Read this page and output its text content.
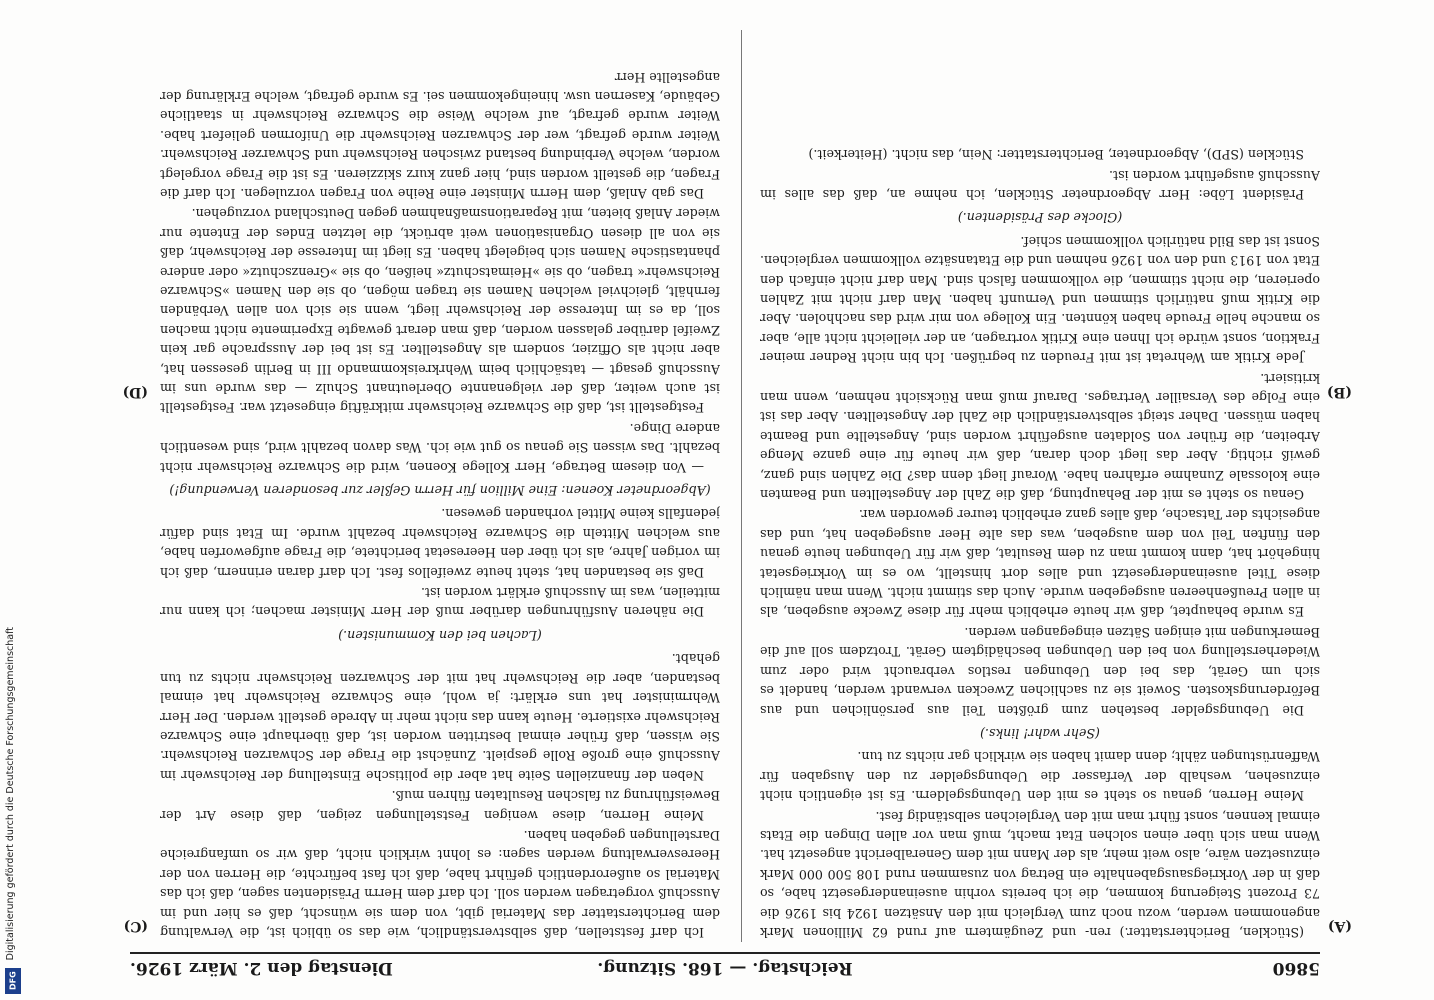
5860
Reichstag. — 168. Sitzung.
Dienstag den 2. März 1926.
(A)
(B)
(C)
(D)

(Stücklen, Berichterstatter.) ren- und Zeugämtern auf rund 62 Millionen Mark angenommen werden, wozu noch zum Vergleich mit den Ansätzen 1924 bis 1926 die 73 Prozent Steigerung kommen, die ich bereits vorhin auseinandergesetzt habe, so daß in der Vorkriegsausgabenhalte ein Betrag von zusammen rund 108 500 000 Mark einzusetzen wäre, also weit mehr, als der Mann mit dem Generalbericht angesetzt hat. Wenn man sich über einen solchen Etat macht, muß man vor allen Dingen die Etats einmal kennen, sonst führt man mit den Vergleichen selbständig fest.

Meine Herren, genau so steht es mit den Uebungsgeldern. Es ist eigentlich nicht einzusehen, weshalb der Verfasser die Uebungsgelder zu den Ausgaben für Waffenrüstungen zählt; denn damit haben sie wirklich gar nichts zu tun.

(Sehr wahr! links.)

Die Uebungsgelder bestehen zum größten Teil aus persönlichen und aus Beförderungskosten. Soweit sie zu sachlichen Zwecken verwandt werden, handelt es sich um Gerät, das bei den Uebungen restlos verbraucht wird oder zum Wiederherstellung von bei den Uebungen beschädigtem Gerät. Trotzdem soll auf die Bemerkungen mit einigen Sätzen eingegangen werden.

Es wurde behauptet, daß wir heute erheblich mehr für diese Zwecke ausgeben, als in allen Preußenheeren ausgegeben wurde. Auch das stimmt nicht. Wenn man nämlich diese Titel auseinandergesetzt und alles dort hinstellt, wo es im Vorkriegsetat hingehört hat, dann kommt man zu dem Resultat, daß wir für Uebungen heute genau den fünften Teil von dem ausgeben, was das alte Heer ausgegeben hat, und das angesichts der Tatsache, daß alles ganz erheblich teurer geworden war.

Genau so steht es mit der Behauptung, daß die Zahl der Angestellten und Beamten eine kolossale Zunahme erfahren habe. Worauf liegt denn das? Die Zahlen sind ganz, gewiß richtig. Aber das liegt doch daran, daß wir heute für eine ganze Menge Arbeiten, die früher von Soldaten ausgeführt worden sind, Angestellte und Beamte haben müssen. Daher steigt selbstverständlich die Zahl der Angestellten. Aber das ist eine Folge des Versailler Vertrages. Darauf muß man Rücksicht nehmen, wenn man kritisiert.

Jede Kritik am Wehretat ist mit Freuden zu begrüßen. Ich bin nicht Redner meiner Fraktion, sonst würde ich Ihnen eine Kritik vortragen, an der vielleicht nicht alle, aber so manche helle Freude haben könnten. Ein Kollege von mir wird das nachholen. Aber die Kritik muß natürlich stimmen und Vernunft haben. Man darf nicht mit Zahlen operieren, die nicht stimmen, die vollkommen falsch sind. Man darf nicht einfach den Etat von 1913 und den von 1926 nehmen und die Etatansätze vollkommen vergleichen. Sonst ist das Bild natürlich vollkommen schief.

(Glocke des Präsidenten.)

Präsident Löbe: Herr Abgeordneter Stücklen, ich nehme an, daß das alles im Ausschuß ausgeführt worden ist.

Stücklen (SPD), Abgeordneter, Berichterstatter: Nein, das nicht. (Heiterkeit.)

Ich darf feststellen, daß selbstverständlich, wie das so üblich ist, die Verwaltung dem Berichterstatter das Material gibt, von dem sie wünscht, daß es hier und im Ausschuß vorgetragen werden soll. Ich darf dem Herrn Präsidenten sagen, daß ich das Material so außerordentlich geführt habe, daß ich fast befürchte, die Herren von der Heeresverwaltung werden sagen: es lohnt wirklich nicht, daß wir so umfangreiche Darstellungen gegeben haben.

Meine Herren, diese wenigen Feststellungen zeigen, daß diese Art der Beweisführung zu falschen Resultaten führen muß.

Neben der finanziellen Seite hat aber die politische Einstellung der Reichswehr im Ausschuß eine große Rolle gespielt. Zunächst die Frage der Schwarzen Reichswehr. Sie wissen, daß früher einmal bestritten worden ist, daß überhaupt eine Schwarze Reichswehr existierte. Heute kann das nicht mehr in Abrede gestellt werden. Der Herr Wehrminister hat uns erklärt: ja wohl, eine Schwarze Reichswehr hat einmal bestanden, aber die Reichswehr hat mit der Schwarzen Reichswehr nichts zu tun gehabt.

(Lachen bei den Kommunisten.)

Die näheren Ausführungen darüber muß der Herr Minister machen; ich kann nur mitteilen, was im Ausschuß erklärt worden ist.

Daß sie bestanden hat, steht heute zweifellos fest. Ich darf daran erinnern, daß ich im vorigen Jahre, als ich über den Heeresetat berichtete, die Frage aufgeworfen habe, aus welchen Mitteln die Schwarze Reichswehr bezahlt wurde. Im Etat sind dafür jedenfalls keine Mittel vorhanden gewesen.

(Abgeordneter Koenen: Eine Million für Herrn Geßler zur besonderen Verwendung!)

— Von diesem Betrage, Herr Kollege Koenen, wird die Schwarze Reichswehr nicht bezahlt. Das wissen Sie genau so gut wie ich. Was davon bezahlt wird, sind wesentlich andere Dinge.

Festgestellt ist, daß die Schwarze Reichswehr mitkräftig eingesetzt war. Festgestellt ist auch weiter, daß der vielgenannte Oberleutnant Schulz — das wurde uns im Ausschuß gesagt — tatsächlich beim Wehrkreiskommando III in Berlin gesessen hat, aber nicht als Offizier, sondern als Angestellter. Es ist bei der Aussprache gar kein Zweifel darüber gelassen worden, daß man derart gewagte Experimente nicht machen soll, da es im Interesse der Reichswehr liegt, wenn sie sich von allen Verbänden fernhält, gleichviel welchen Namen sie tragen mögen, ob sie den Namen »Schwarze Reichswehr« tragen, ob sie »Heimatschutz« heißen, ob sie »Grenzschutz« oder andere phantastische Namen sich beigelegt haben. Es liegt im Interesse der Reichswehr, daß sie von all diesen Organisationen weit abrückt, die letzten Endes der Entente nur wieder Anlaß bieten, mit Reparationsmaßnahmen gegen Deutschland vorzugehen.

Das gab Anlaß, dem Herrn Minister eine Reihe von Fragen vorzulegen. Ich darf die Fragen, die gestellt worden sind, hier ganz kurz skizzieren. Es ist die Frage vorgelegt worden, welche Verbindung bestand zwischen Reichswehr und Schwarzer Reichswehr. Weiter wurde gefragt, wer der Schwarzen Reichswehr die Uniformen geliefert habe. Weiter wurde gefragt, auf welche Weise die Schwarze Reichswehr in staatliche Gebäude, Kasernen usw. hineingekommen sei. Es wurde gefragt, welche Erklärung der angestellte Herr

Digitalisierung gefördert durch die Deutsche Forschungsgemeinschaft
DFG
